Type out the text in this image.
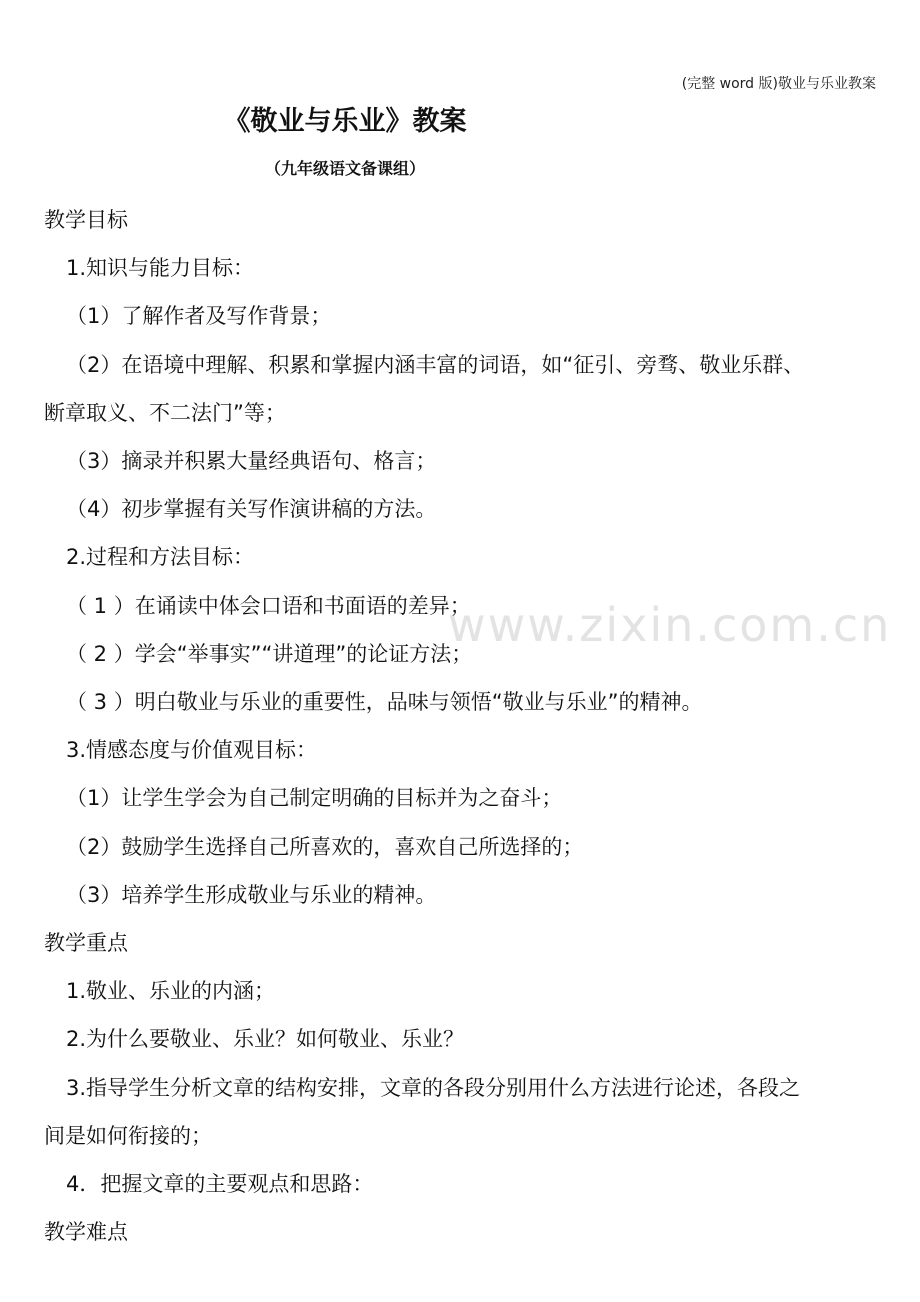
(完整 word 版)敬业与乐业教案
《敬业与乐业》教案
（九年级语文备课组）
www.zixin.com.cn
教学目标
1.知识与能力目标：
（1）了解作者及写作背景；
（2）在语境中理解、积累和掌握内涵丰富的词语，如“征引、旁骛、敬业乐群、
断章取义、不二法门”等；
（3）摘录并积累大量经典语句、格言；
（4）初步掌握有关写作演讲稿的方法。
2.过程和方法目标：
（ 1 ）在诵读中体会口语和书面语的差异；
（ 2 ）学会“举事实”“讲道理”的论证方法；
（ 3 ）明白敬业与乐业的重要性，品味与领悟“敬业与乐业”的精神。
3.情感态度与价值观目标：
（1）让学生学会为自己制定明确的目标并为之奋斗；
（2）鼓励学生选择自己所喜欢的，喜欢自己所选择的；
（3）培养学生形成敬业与乐业的精神。
教学重点
1.敬业、乐业的内涵；
2.为什么要敬业、乐业？如何敬业、乐业？
3.指导学生分析文章的结构安排，文章的各段分别用什么方法进行论述，各段之
间是如何衔接的；
4．把握文章的主要观点和思路：
教学难点
